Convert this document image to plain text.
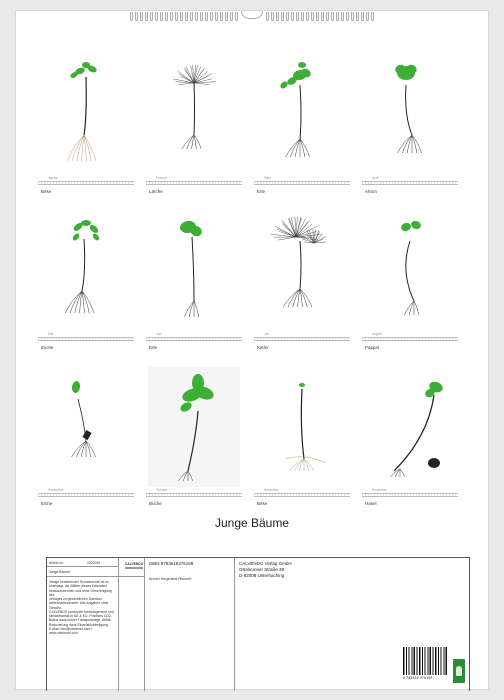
Januar
Birke
Februar
Lärche
März
Erle
April
Ahorn
Mai
Esche
Juni
Erle
Juli
Kiefer
August
Pappel
September
Eiche
Oktober
Buche
November
Birke
Dezember
Hasel
Junge Bäume
Artikel-Nr.	2002025
Junge Bäume
Infolge bestehender Schutzrechte ist es
untersagt, die Blätter dieses Kalenders
herauszutrennen und ohne Genehmigung des
Verlages zu gewerblichen Zwecken
weiterzuverwenden. Alle Angaben ohne
Gewähr.
CALVENDO produziert bedarfsgerecht und
klimabewusst in DE & EU. Positives CO2-
Bilanz dank kurzer Transportwege, Abfall-
Reduzierung dank Einzelstückfertigung.
E-Mail: info@calvendo.com •
www.calvendo.com
CALVENDO	ISBN 9783516376159
Anneli Hegerfeld-Reckert
CALVENDO Verlag GmbH
Ottobrunner Straße 39
D-82008 Unterhaching
9 783516 376159
